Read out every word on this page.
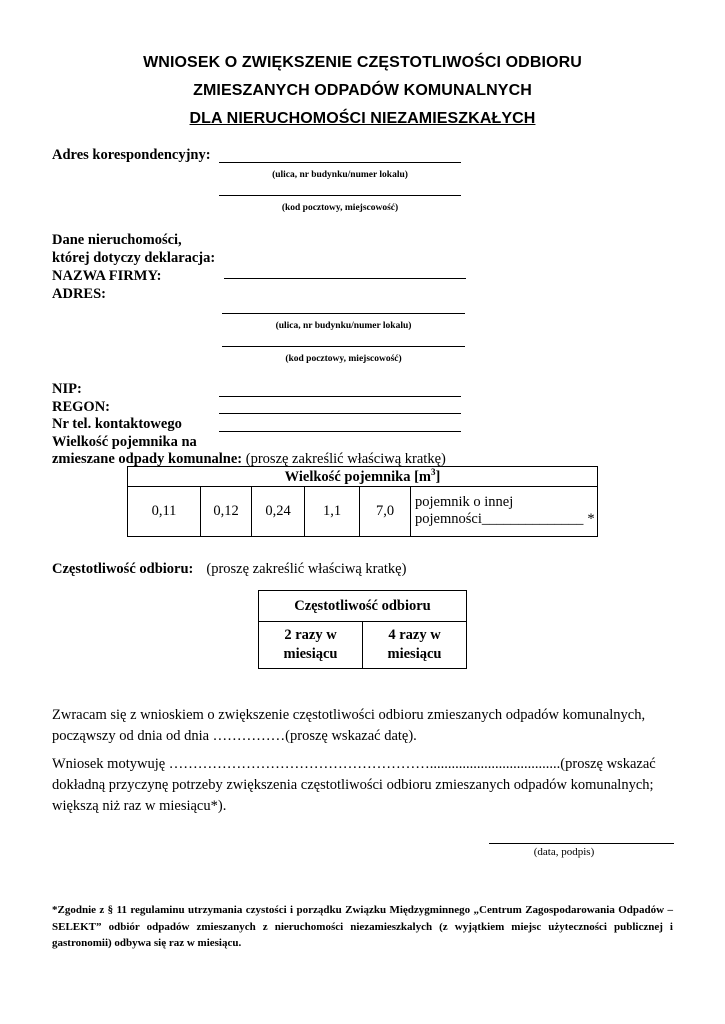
WNIOSEK O ZWIĘKSZENIE CZĘSTOTLIWOŚCI ODBIORU
ZMIESZANYCH ODPADÓW KOMUNALNYCH
DLA NIERUCHOMOŚCI NIEZAMIESZKAŁYCH
Adres korespondencyjny:
(ulica, nr budynku/numer lokalu)
(kod pocztowy, miejscowość)
Dane nieruchomości,
której dotyczy deklaracja:
NAZWA FIRMY:
ADRES:
(ulica, nr budynku/numer lokalu)
(kod pocztowy, miejscowość)
NIP:
REGON:
Nr tel. kontaktowego
Wielkość pojemnika na
zmieszane odpady komunalne: (proszę zakreślić właściwą kratkę)
Wielkość pojemnika $[m^3]$
0,11	0,12	0,24	1,1	7,0	
pojemnik o innej
pojemności______________ *
Częstotliwość odbioru: (proszę zakreślić właściwą kratkę)
Częstotliwość odbioru

2 razy w
miesiącu

4 razy w
miesiącu
Zwracam się z wnioskiem o zwiększenie częstotliwości odbioru zmieszanych odpadów komunalnych, począwszy od dnia od dnia ……………(proszę wskazać datę).
Wniosek motywuję ………………………………………………....................................(proszę wskazać dokładną przyczynę potrzeby zwiększenia częstotliwości odbioru zmieszanych odpadów komunalnych; większą niż raz w miesiącu*).
(data, podpis)
*Zgodnie z § 11 regulaminu utrzymania czystości i porządku Związku Międzygminnego „Centrum Zagospodarowania Odpadów – SELEKT” odbiór odpadów zmieszanych z nieruchomości niezamieszkalych (z wyjątkiem miejsc użyteczności publicznej i gastronomii) odbywa się raz w miesiącu.
